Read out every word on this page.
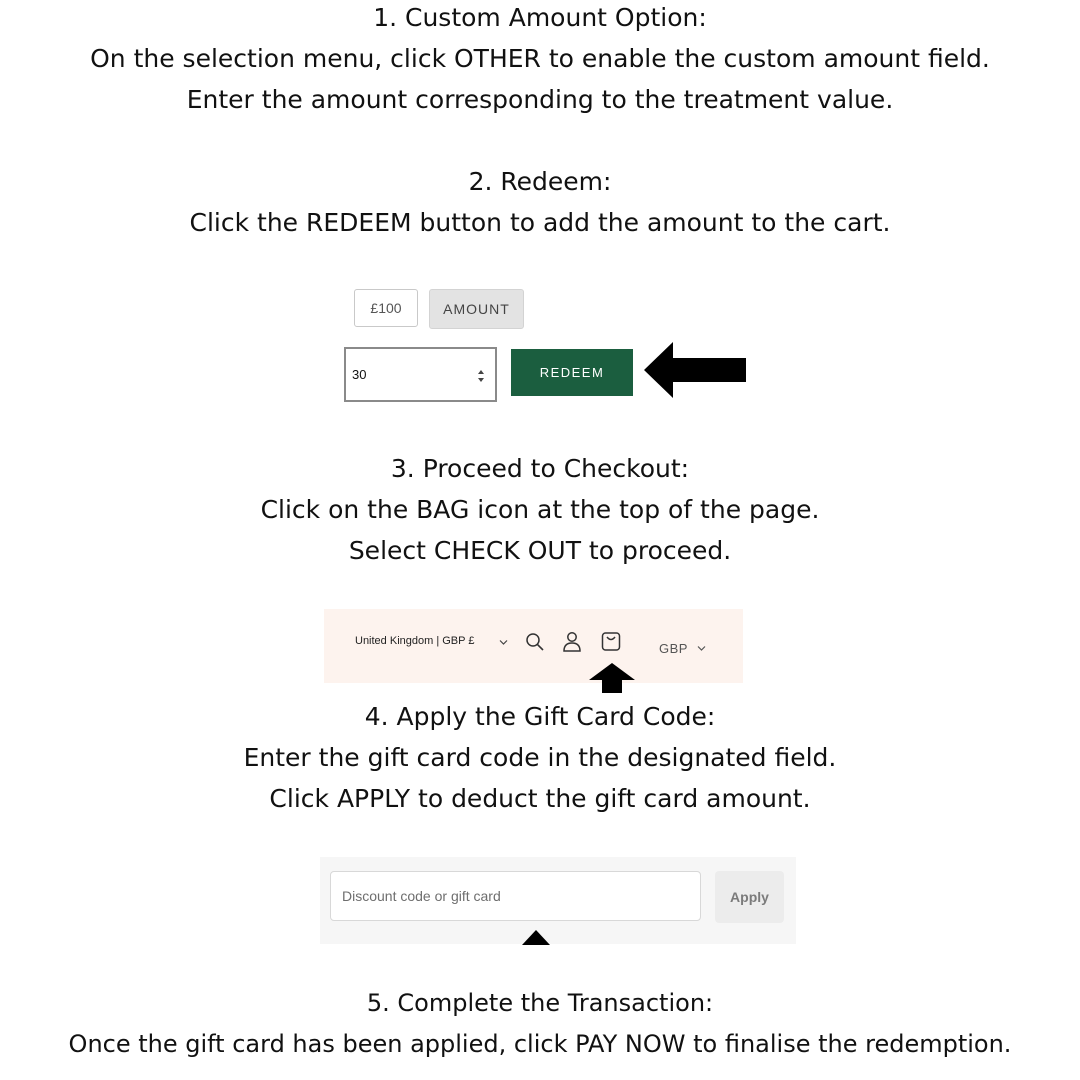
1. Custom Amount Option:
On the selection menu, click OTHER to enable the custom amount field.
Enter the amount corresponding to the treatment value.
2. Redeem:
Click the REDEEM button to add the amount to the cart.
£100	AMOUNT
30	REDEEM
3. Proceed to Checkout:
Click on the BAG icon at the top of the page.
Select CHECK OUT to proceed.
United Kingdom | GBP £	GBP
4. Apply the Gift Card Code:
Enter the gift card code in the designated field.
Click APPLY to deduct the gift card amount.
Discount code or gift card	Apply
5. Complete the Transaction:
Once the gift card has been applied, click PAY NOW to finalise the redemption.
